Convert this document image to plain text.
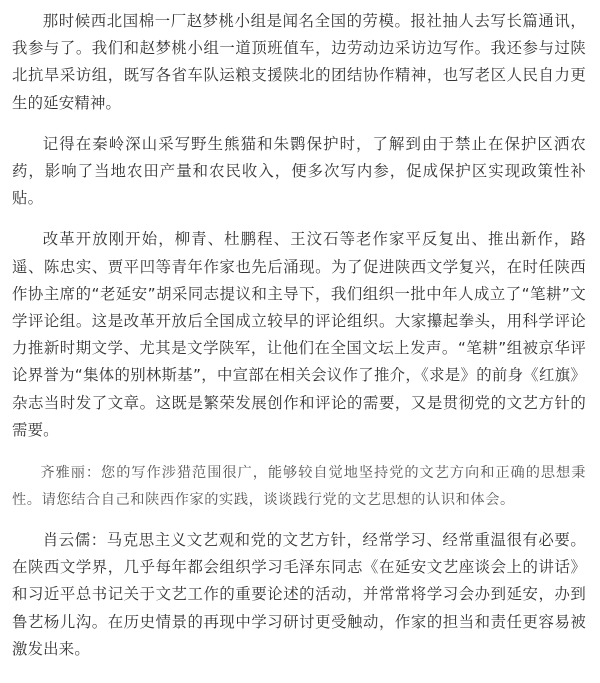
那时候西北国棉一厂赵梦桃小组是闻名全国的劳模。报社抽人去写长篇通讯，我参与了。我们和赵梦桃小组一道顶班值车，边劳动边采访边写作。我还参与过陕北抗旱采访组，既写各省车队运粮支援陕北的团结协作精神，也写老区人民自力更生的延安精神。

记得在秦岭深山采写野生熊猫和朱鹮保护时，了解到由于禁止在保护区洒农药，影响了当地农田产量和农民收入，便多次写内参，促成保护区实现政策性补贴。

改革开放刚开始，柳青、杜鹏程、王汶石等老作家平反复出、推出新作，路遥、陈忠实、贾平凹等青年作家也先后涌现。为了促进陕西文学复兴，在时任陕西作协主席的“老延安”胡采同志提议和主导下，我们组织一批中年人成立了“笔耕”文学评论组。这是改革开放后全国成立较早的评论组织。大家攥起拳头，用科学评论力推新时期文学、尤其是文学陕军，让他们在全国文坛上发声。“笔耕”组被京华评论界誉为“集体的别林斯基”，中宣部在相关会议作了推介，《求是》的前身《红旗》杂志当时发了文章。这既是繁荣发展创作和评论的需要，又是贯彻党的文艺方针的需要。

齐雅丽：您的写作涉猎范围很广，能够较自觉地坚持党的文艺方向和正确的思想秉性。请您结合自己和陕西作家的实践，谈谈践行党的文艺思想的认识和体会。

肖云儒：马克思主义文艺观和党的文艺方针，经常学习、经常重温很有必要。在陕西文学界，几乎每年都会组织学习毛泽东同志《在延安文艺座谈会上的讲话》和习近平总书记关于文艺工作的重要论述的活动，并常常将学习会办到延安，办到鲁艺杨儿沟。在历史情景的再现中学习研讨更受触动，作家的担当和责任更容易被激发出来。
